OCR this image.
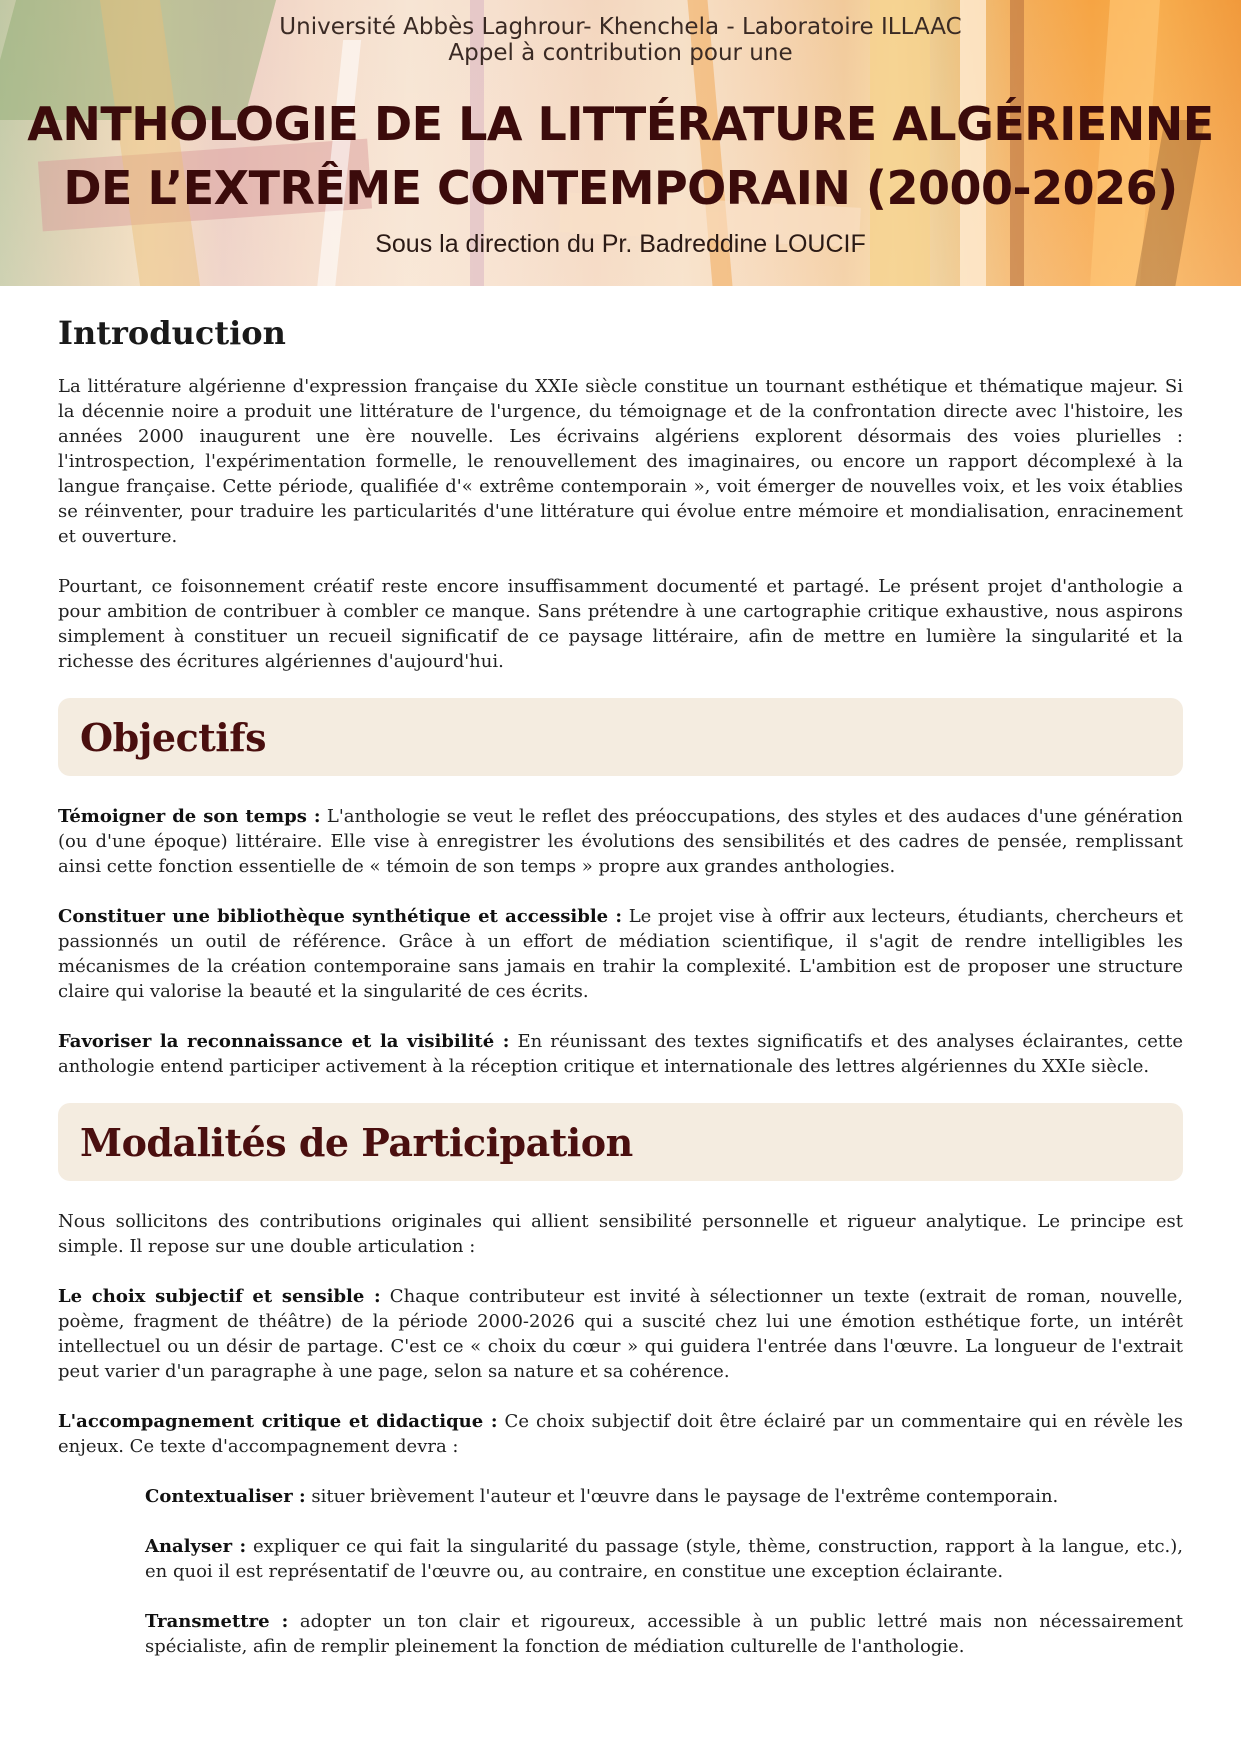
Université Abbès Laghrour- Khenchela - Laboratoire ILLAAC
Appel à contribution pour une
ANTHOLOGIE DE LA LITTÉRATURE ALGÉRIENNE
DE L’EXTRÊME CONTEMPORAIN (2000-2026)
Sous la direction du Pr. Badreddine LOUCIF
Introduction

La littérature algérienne d'expression française du XXIe siècle constitue un tournant esthétique et thématique majeur. Si la décennie noire a produit une littérature de l'urgence, du témoignage et de la confrontation directe avec l'histoire, les années 2000 inaugurent une ère nouvelle. Les écrivains algériens explorent désormais des voies plurielles : l'introspection, l'expérimentation formelle, le renouvellement des imaginaires, ou encore un rapport décomplexé à la langue française. Cette période, qualifiée d'« extrême contemporain », voit émerger de nouvelles voix, et les voix établies se réinventer, pour traduire les particularités d'une littérature qui évolue entre mémoire et mondialisation, enracinement et ouverture.

Pourtant, ce foisonnement créatif reste encore insuffisamment documenté et partagé. Le présent projet d'anthologie a pour ambition de contribuer à combler ce manque. Sans prétendre à une cartographie critique exhaustive, nous aspirons simplement à constituer un recueil significatif de ce paysage littéraire, afin de mettre en lumière la singularité et la richesse des écritures algériennes d'aujourd'hui.

Objectifs

Témoigner de son temps : L'anthologie se veut le reflet des préoccupations, des styles et des audaces d'une génération (ou d'une époque) littéraire. Elle vise à enregistrer les évolutions des sensibilités et des cadres de pensée, remplissant ainsi cette fonction essentielle de « témoin de son temps » propre aux grandes anthologies.

Constituer une bibliothèque synthétique et accessible : Le projet vise à offrir aux lecteurs, étudiants, chercheurs et passionnés un outil de référence. Grâce à un effort de médiation scientifique, il s'agit de rendre intelligibles les mécanismes de la création contemporaine sans jamais en trahir la complexité. L'ambition est de proposer une structure claire qui valorise la beauté et la singularité de ces écrits.

Favoriser la reconnaissance et la visibilité : En réunissant des textes significatifs et des analyses éclairantes, cette anthologie entend participer activement à la réception critique et internationale des lettres algériennes du XXIe siècle.

Modalités de Participation

Nous sollicitons des contributions originales qui allient sensibilité personnelle et rigueur analytique. Le principe est simple. Il repose sur une double articulation :

Le choix subjectif et sensible : Chaque contributeur est invité à sélectionner un texte (extrait de roman, nouvelle, poème, fragment de théâtre) de la période 2000-2026 qui a suscité chez lui une émotion esthétique forte, un intérêt intellectuel ou un désir de partage. C'est ce « choix du cœur » qui guidera l'entrée dans l'œuvre. La longueur de l'extrait peut varier d'un paragraphe à une page, selon sa nature et sa cohérence.

L'accompagnement critique et didactique : Ce choix subjectif doit être éclairé par un commentaire qui en révèle les enjeux. Ce texte d'accompagnement devra :

Contextualiser : situer brièvement l'auteur et l'œuvre dans le paysage de l'extrême contemporain.

Analyser : expliquer ce qui fait la singularité du passage (style, thème, construction, rapport à la langue, etc.), en quoi il est représentatif de l'œuvre ou, au contraire, en constitue une exception éclairante.

Transmettre : adopter un ton clair et rigoureux, accessible à un public lettré mais non nécessairement spécialiste, afin de remplir pleinement la fonction de médiation culturelle de l'anthologie.
